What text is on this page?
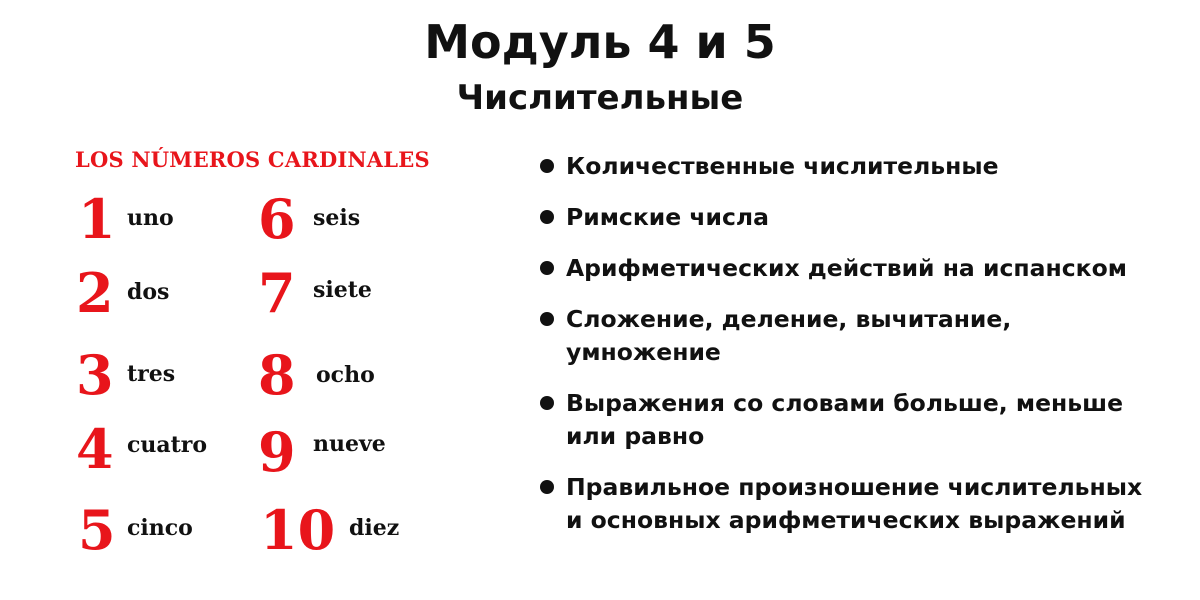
Модуль 4 и 5
Числительные
LOS NÚMEROS CARDINALES
1 uno
2 dos
3 tres
4 cuatro
5 cinco
6 seis
7 siete
8 ocho
9 nueve
10 diez
Количественные числительные
Римские числа
Арифметических действий на испанском
Сложение, деление, вычитание,
умножение
Выражения со словами больше, меньше
или равно
Правильное произношение числительных
и основных арифметических выражений
